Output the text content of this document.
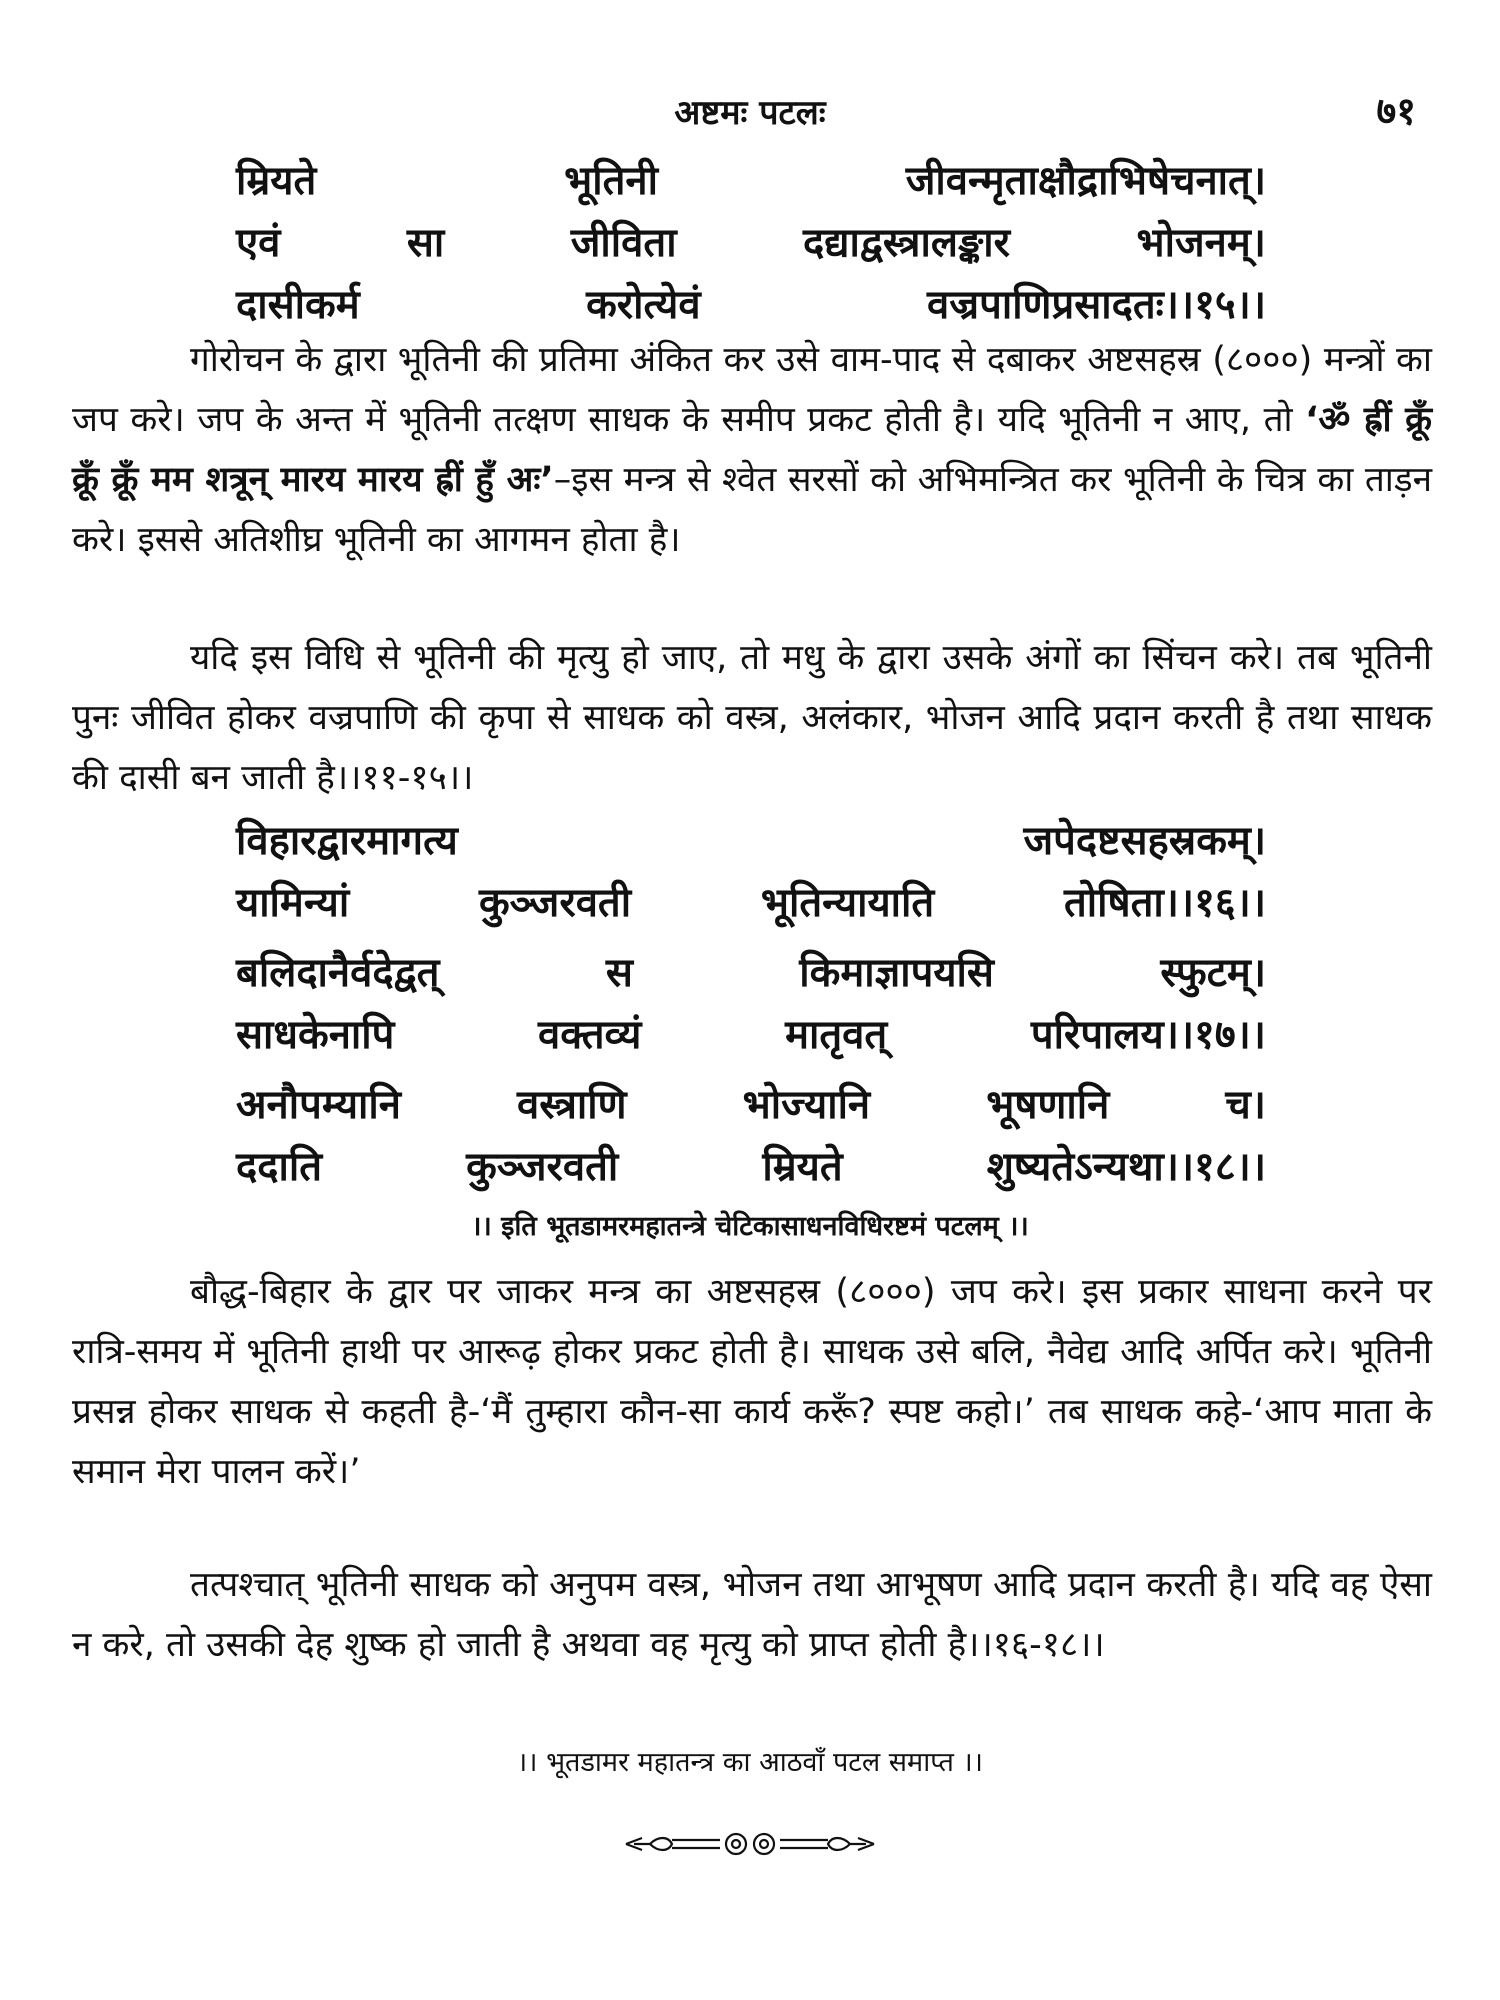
अष्टमः पटलः	७१
म्रियते	भूतिनी	जीवन्मृताक्षौद्राभिषेचनात्।
एवं	सा	जीविता	दद्याद्वस्त्रालङ्कार	भोजनम्।
दासीकर्म	करोत्येवं	वज्रपाणिप्रसादतः।।१५।।

गोरोचन के द्वारा भूतिनी की प्रतिमा अंकित कर उसे वाम-पाद से दबाकर अष्टसहस्र (८०००) मन्त्रों का जप करे। जप के अन्त में भूतिनी तत्क्षण साधक के समीप प्रकट होती है। यदि भूतिनी न आए, तो ‘ॐ ह्रीं क्रूँ क्रूँ क्रूँ मम शत्रून् मारय मारय ह्रीं हुँ अः’–इस मन्त्र से श्वेत सरसों को अभिमन्त्रित कर भूतिनी के चित्र का ताड़न करे। इससे अतिशीघ्र भूतिनी का आगमन होता है।

यदि इस विधि से भूतिनी की मृत्यु हो जाए, तो मधु के द्वारा उसके अंगों का सिंचन करे। तब भूतिनी पुनः जीवित होकर वज्रपाणि की कृपा से साधक को वस्त्र, अलंकार, भोजन आदि प्रदान करती है तथा साधक की दासी बन जाती है।।११-१५।।

विहारद्वारमागत्य	जपेदष्टसहस्रकम्।
यामिन्यां	कुञ्जरवती	भूतिन्यायाति	तोषिता।।१६।।
बलिदानैर्वदेद्वत्	स	किमाज्ञापयसि	स्फुटम्।
साधकेनापि	वक्तव्यं	मातृवत्	परिपालय।।१७।।
अनौपम्यानि	वस्त्राणि	भोज्यानि	भूषणानि	च।
ददाति	कुञ्जरवती	म्रियते	शुष्यतेऽन्यथा।।१८।।
।। इति भूतडामरमहातन्त्रे चेटिकासाधनविधिरष्टमं पटलम् ।।

बौद्ध-बिहार के द्वार पर जाकर मन्त्र का अष्टसहस्र (८०००) जप करे। इस प्रकार साधना करने पर रात्रि-समय में भूतिनी हाथी पर आरूढ़ होकर प्रकट होती है। साधक उसे बलि, नैवेद्य आदि अर्पित करे। भूतिनी प्रसन्न होकर साधक से कहती है-‘मैं तुम्हारा कौन-सा कार्य करूँ? स्पष्ट कहो।’ तब साधक कहे-‘आप माता के समान मेरा पालन करें।’

तत्पश्चात् भूतिनी साधक को अनुपम वस्त्र, भोजन तथा आभूषण आदि प्रदान करती है। यदि वह ऐसा न करे, तो उसकी देह शुष्क हो जाती है अथवा वह मृत्यु को प्राप्त होती है।।१६-१८।।

।। भूतडामर महातन्त्र का आठवाँ पटल समाप्त ।।
